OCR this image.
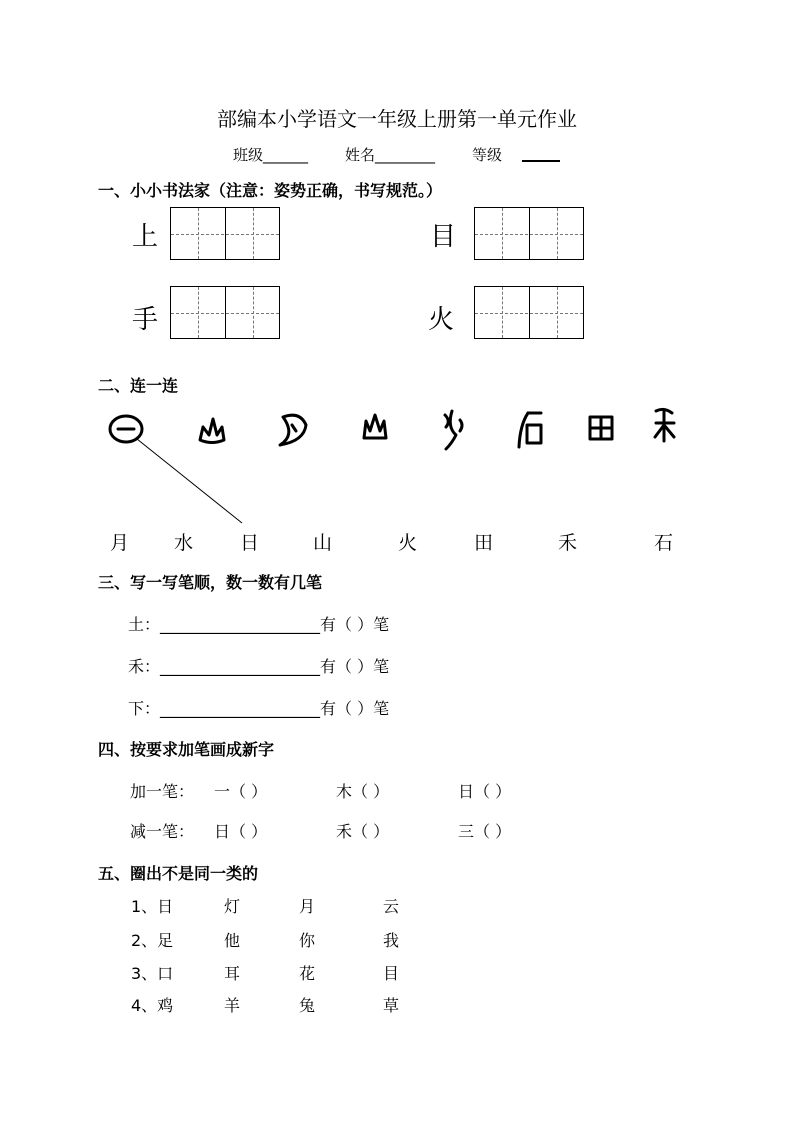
部编本小学语文一年级上册第一单元作业
班级______ 姓名________ 等级
一、小小书法家（注意：姿势正确，书写规范。）
上	目
手	火
二、连一连
月 水 日	山	火	田	禾	石
三、写一写笔顺，数一数有几笔
土：____________________有（ ）笔
禾：____________________有（ ）笔
下：____________________有（ ）笔
四、按要求加笔画成新字
加一笔： 一（ ）	木（ ）	日（ ）
减一笔： 日（ ）	禾（ ）	三（ ）
五、圈出不是同一类的
1、日	灯	月	云
2、足	他	你	我
3、口	耳	花	目
4、鸡	羊	兔	草
